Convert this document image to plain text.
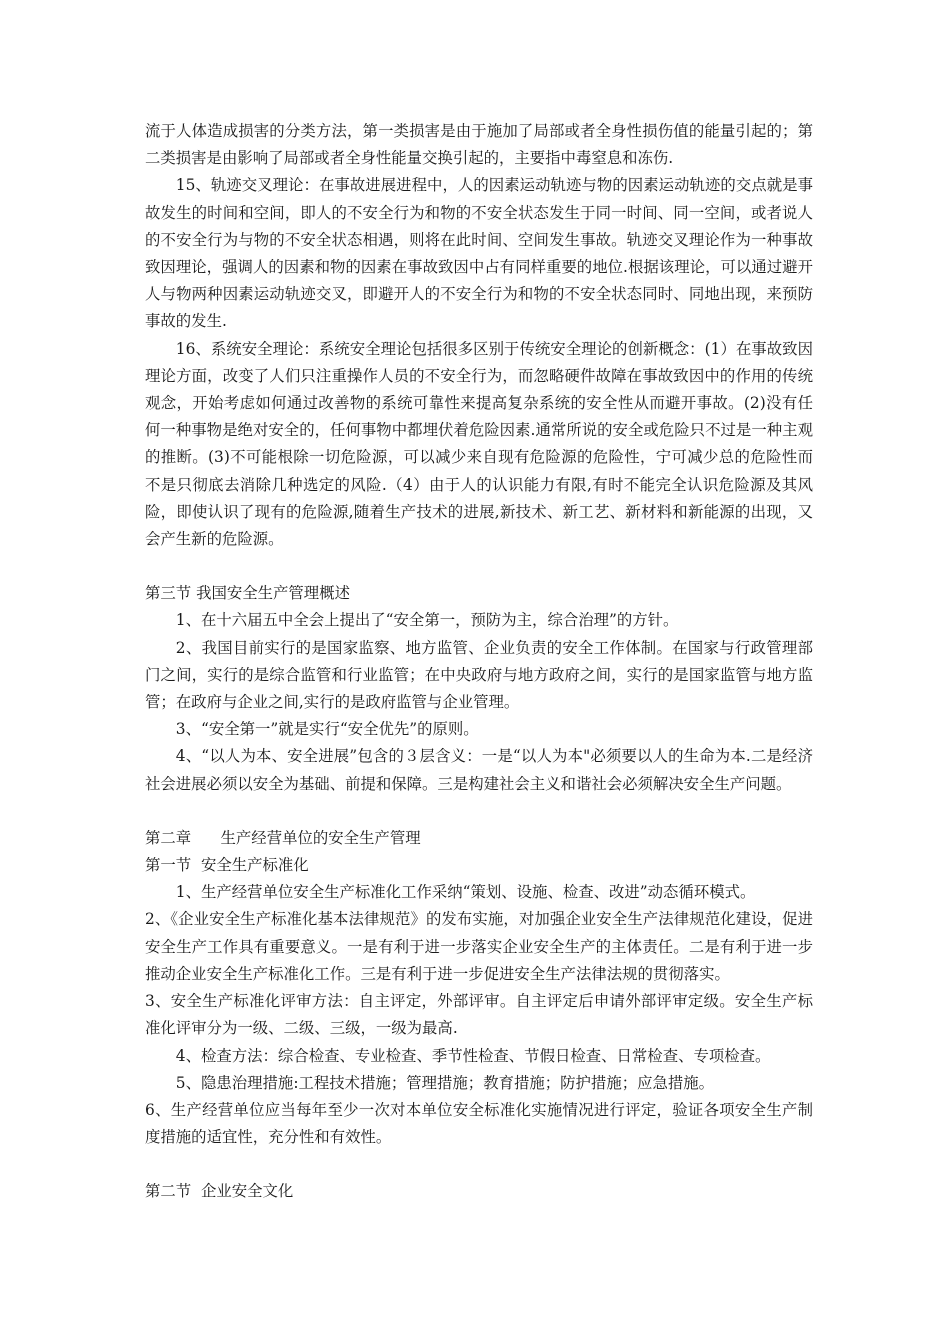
流于人体造成损害的分类方法，第一类损害是由于施加了局部或者全身性损伤值的能量引起的；第二类损害是由影响了局部或者全身性能量交换引起的，主要指中毒窒息和冻伤.

15、轨迹交叉理论：在事故进展进程中，人的因素运动轨迹与物的因素运动轨迹的交点就是事故发生的时间和空间，即人的不安全行为和物的不安全状态发生于同一时间、同一空间，或者说人的不安全行为与物的不安全状态相遇，则将在此时间、空间发生事故。轨迹交叉理论作为一种事故致因理论，强调人的因素和物的因素在事故致因中占有同样重要的地位.根据该理论，可以通过避开人与物两种因素运动轨迹交叉，即避开人的不安全行为和物的不安全状态同时、同地出现，来预防事故的发生.

16、系统安全理论：系统安全理论包括很多区别于传统安全理论的创新概念：(1）在事故致因理论方面，改变了人们只注重操作人员的不安全行为，而忽略硬件故障在事故致因中的作用的传统观念，开始考虑如何通过改善物的系统可靠性来提高复杂系统的安全性从而避开事故。(2)没有任何一种事物是绝对安全的，任何事物中都埋伏着危险因素.通常所说的安全或危险只不过是一种主观的推断。(3)不可能根除一切危险源，可以减少来自现有危险源的危险性，宁可减少总的危险性而不是只彻底去消除几种选定的风险.（4）由于人的认识能力有限,有时不能完全认识危险源及其风险，即使认识了现有的危险源,随着生产技术的进展,新技术、新工艺、新材料和新能源的出现，又会产生新的危险源。

第三节 我国安全生产管理概述

1、在十六届五中全会上提出了“安全第一，预防为主，综合治理”的方针。

2、我国目前实行的是国家监察、地方监管、企业负责的安全工作体制。在国家与行政管理部门之间，实行的是综合监管和行业监管；在中央政府与地方政府之间，实行的是国家监管与地方监管；在政府与企业之间,实行的是政府监管与企业管理。

3、“安全第一”就是实行“安全优先”的原则。

4、“以人为本、安全进展”包含的３层含义：一是“以人为本"必须要以人的生命为本.二是经济社会进展必须以安全为基础、前提和保障。三是构建社会主义和谐社会必须解决安全生产问题。

第二章      生产经营单位的安全生产管理

第一节  安全生产标准化

1、生产经营单位安全生产标准化工作采纳“策划、设施、检查、改进”动态循环模式。

2、《企业安全生产标准化基本法律规范》的发布实施，对加强企业安全生产法律规范化建设，促进安全生产工作具有重要意义。一是有利于进一步落实企业安全生产的主体责任。二是有利于进一步推动企业安全生产标准化工作。三是有利于进一步促进安全生产法律法规的贯彻落实。

3、安全生产标准化评审方法：自主评定，外部评审。自主评定后申请外部评审定级。安全生产标准化评审分为一级、二级、三级，一级为最高.

4、检查方法：综合检查、专业检查、季节性检查、节假日检查、日常检查、专项检查。

5、隐患治理措施:工程技术措施；管理措施；教育措施；防护措施；应急措施。

6、生产经营单位应当每年至少一次对本单位安全标准化实施情况进行评定，验证各项安全生产制度措施的适宜性，充分性和有效性。

第二节  企业安全文化
